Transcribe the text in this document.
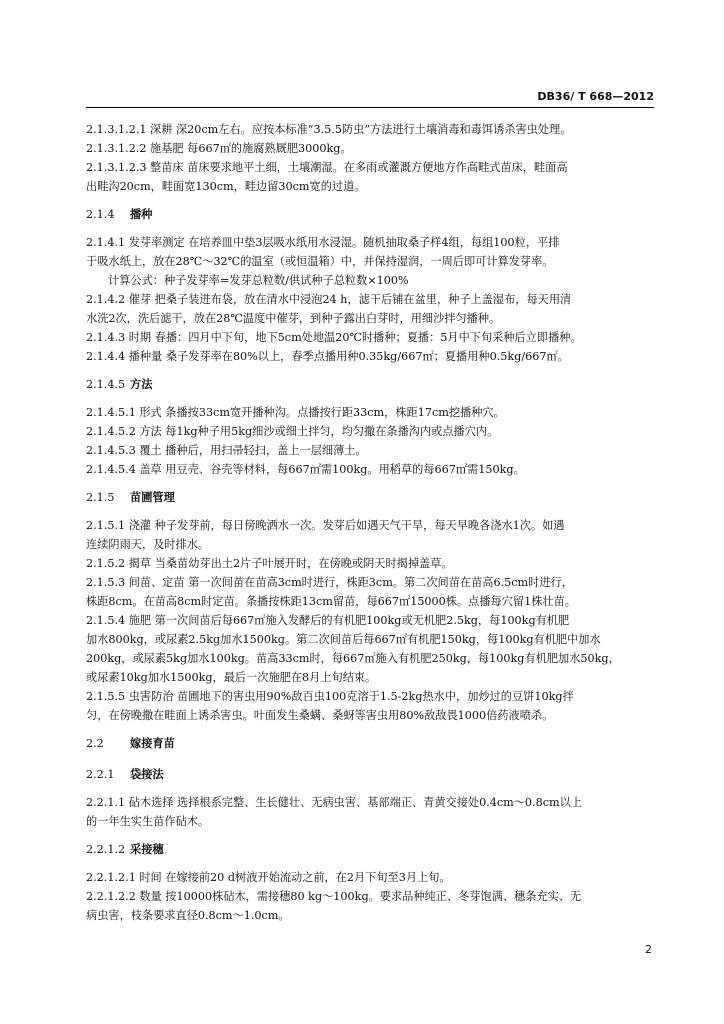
DB36/ T 668—2012
2.1.3.1.2.1 深耕 深20cm左右。应按本标准“3.5.5防虫”方法进行土壤消毒和毒饵诱杀害虫处理。
2.1.3.1.2.2 施基肥 每667㎡的施腐熟厩肥3000kg。
2.1.3.1.2.3 整苗床 苗床要求地平土细，土壤潮湿。在多雨或灌溉方便地方作高畦式苗床，畦面高
出畦沟20cm，畦面宽130cm，畦边留30cm宽的过道。
2.1.4 播种
2.1.4.1 发芽率测定 在培养皿中垫3层吸水纸用水浸湿。随机抽取桑子样4组，每组100粒，平排
于吸水纸上，放在28℃～32℃的温室（或恒温箱）中，并保持湿润，一周后即可计算发芽率。
计算公式：种子发芽率=发芽总粒数/供试种子总粒数×100%
2.1.4.2 催芽 把桑子装进布袋，放在清水中浸泡24 h，滤干后铺在盆里，种子上盖湿布，每天用清
水洗2次，洗后滤干，放在28℃温度中催芽，到种子露出白芽时，用细沙拌匀播种。
2.1.4.3 时期 春播：四月中下旬，地下5cm处地温20℃时播种；夏播：5月中下旬采种后立即播种。
2.1.4.4 播种量 桑子发芽率在80%以上，春季点播用种0.35kg/667㎡；夏播用种0.5kg/667㎡。
2.1.4.5 方法
2.1.4.5.1 形式 条播按33cm宽开播种沟。点播按行距33cm，株距17cm挖播种穴。
2.1.4.5.2 方法 每1kg种子用5kg细沙或细土拌匀，均匀撒在条播沟内或点播穴内。
2.1.4.5.3 覆土 播种后，用扫帚轻扫，盖上一层细薄土。
2.1.4.5.4 盖草 用豆壳、谷壳等材料，每667㎡需100kg。用稻草的每667㎡需150kg。
2.1.5 苗圃管理
2.1.5.1 浇灌 种子发芽前，每日傍晚洒水一次。发芽后如遇天气干旱，每天早晚各浇水1次。如遇
连续阴雨天，及时排水。
2.1.5.2 揭草 当桑苗幼芽出土2片子叶展开时，在傍晚或阴天时揭掉盖草。
2.1.5.3 间苗、定苗 第一次间苗在苗高3cm时进行，株距3cm。第二次间苗在苗高6.5cm时进行，
株距8cm。在苗高8cm时定苗。条播按株距13cm留苗，每667㎡15000株。点播每穴留1株壮苗。
2.1.5.4 施肥 第一次间苗后每667㎡施入发酵后的有机肥100kg或无机肥2.5kg，每100kg有机肥
加水800kg，或尿素2.5kg加水1500kg。第二次间苗后每667㎡有机肥150kg，每100kg有机肥中加水
200kg，或尿素5kg加水100kg。苗高33cm时，每667㎡施入有机肥250kg，每100kg有机肥加水50kg，
或尿素10kg加水1500kg，最后一次施肥在8月上旬结束。
2.1.5.5 虫害防治 苗圃地下的害虫用90%敌百虫100克溶于1.5-2kg热水中，加炒过的豆饼10kg拌
匀，在傍晚撒在畦面上诱杀害虫。叶面发生桑螨、桑蚜等害虫用80%敌敌畏1000倍药液喷杀。
2.2 嫁接育苗
2.2.1 袋接法
2.2.1.1 砧木选择 选择根系完整、生长健壮、无病虫害、基部端正、青黄交接处0.4cm～0.8cm以上
的一年生实生苗作砧木。
2.2.1.2 采接穗
2.2.1.2.1 时间 在嫁接前20 d树液开始流动之前，在2月下旬至3月上旬。
2.2.1.2.2 数量 按10000株砧木，需接穗80 kg～100kg。要求品种纯正、冬芽饱满、穗条充实、无
病虫害，枝条要求直径0.8cm～1.0cm。
2
